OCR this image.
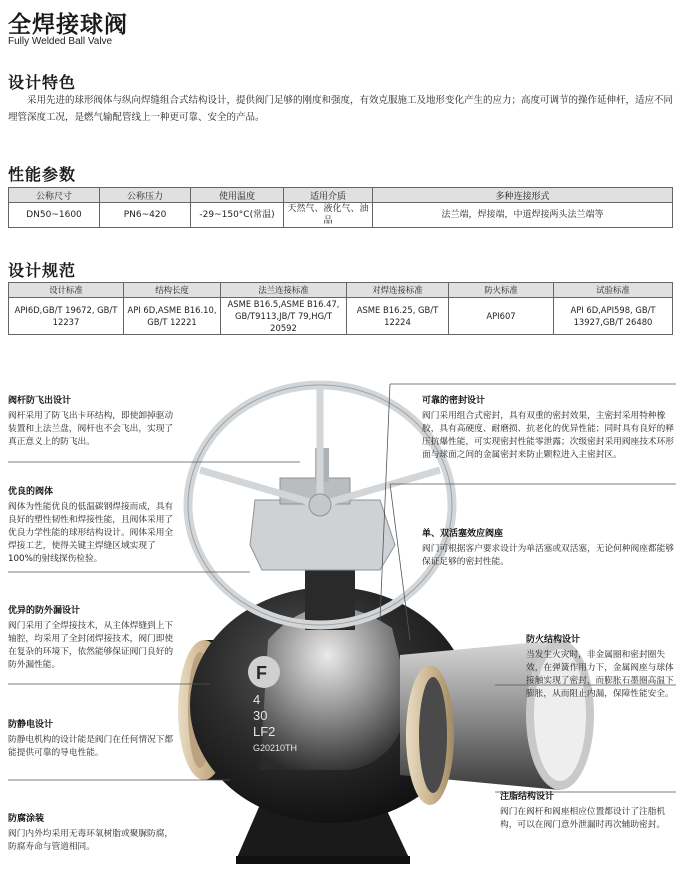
全焊接球阀
Fully Welded Ball Valve
设计特色
采用先进的球形阀体与纵向焊缝组合式结构设计，提供阀门足够的刚度和强度，有效克服施工及地形变化产生的应力；高度可调节的操作延伸杆，适应不同埋管深度工况，是燃气输配管线上一种更可靠、安全的产品。
性能参数
公称尺寸	公称压力	使用温度	适用介质	多种连接形式
DN50~1600	PN6~420	-29~150°C(常温)	天然气、液化气、油品	法兰端，焊接端，中道焊接两头法兰端等
设计规范
设计标准	结构长度	法兰连接标准	对焊连接标准	防火标准	试验标准
API6D,GB/T 19672, GB/T 12237	API 6D,ASME B16.10, GB/T 12221	ASME B16.5,ASME B16.47, GB/T9113,JB/T 79,HG/T 20592	ASME B16.25, GB/T 12224	API607	API 6D,API598, GB/T 13927,GB/T 26480
F
4
30
LF2
G20210TH
阀杆防飞出设计
阀杆采用了防飞出卡环结构，即使卸掉驱动装置和上法兰盘，阀杆也不会飞出，实现了真正意义上的防飞出。
优良的阀体
阀体为性能优良的低温碳钢焊接而成，具有良好的塑性韧性和焊接性能，且阀体采用了优良力学性能的球形结构设计。阀体采用全焊接工艺，使得关键主焊缝区域实现了100%的射线探伤检验。
优异的防外漏设计
阀门采用了全焊接技术，从主体焊缝到上下轴腔，均采用了全封闭焊接技术，阀门即使在复杂的环境下，依然能够保证阀门良好的防外漏性能。
防静电设计
防静电机构的设计能是阀门在任何情况下都能提供可靠的导电性能。
防腐涂装
阀门内外均采用无毒环氧树脂或聚脲防腐，防腐寿命与管道相同。
可靠的密封设计
阀门采用组合式密封，具有双重的密封效果，主密封采用特种橡胶，具有高硬度、耐磨损、抗老化的优异性能；同时具有良好的释压抗爆性能，可实现密封性能零泄露；次级密封采用阀座技术环形面与球面之间的金属密封来防止颗粒进入主密封区。
单、双活塞效应阀座
阀门可根据客户要求设计为单活塞或双活塞，无论何种阀座都能够保证足够的密封性能。
防火结构设计
当发生火灾时，非金属圈和密封圈失效，在弹簧作用力下，金属阀座与球体接触实现了密封，而膨胀石墨圈高温下膨胀，从而阻止内漏，保障性能安全。
注脂结构设计
阀门在阀杆和阀座相应位置都设计了注脂机构，可以在阀门意外泄漏时再次辅助密封。
